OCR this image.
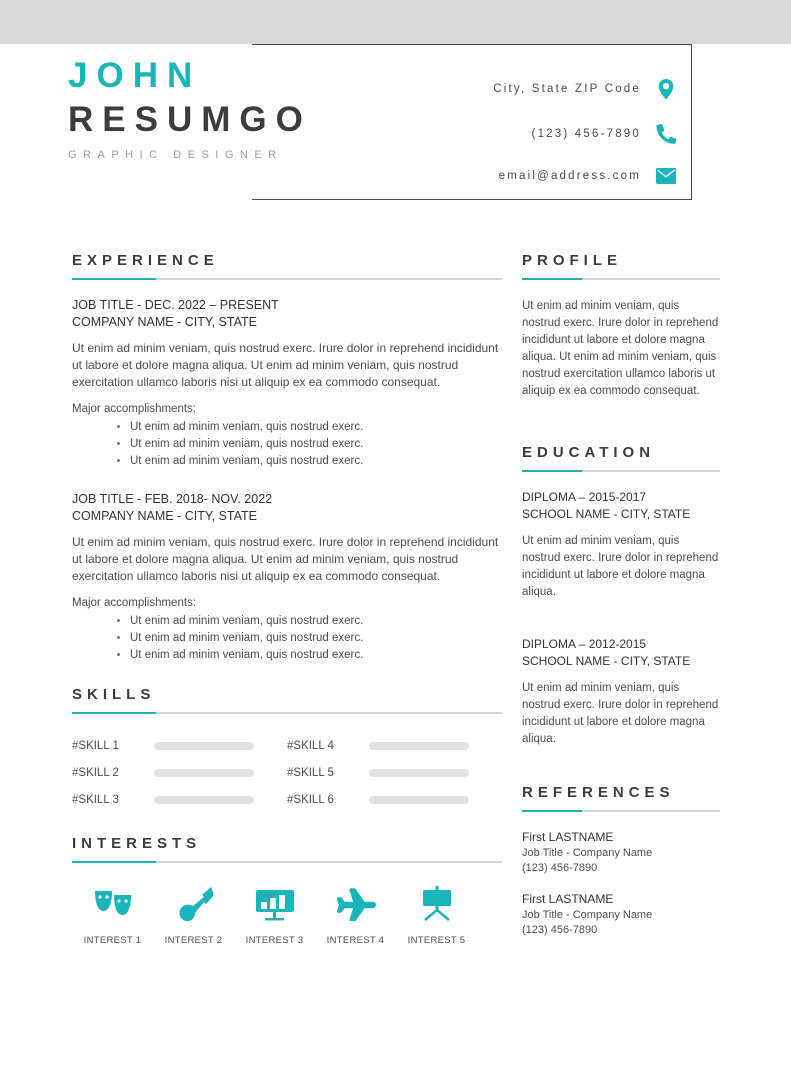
City, State ZIP Code
(123) 456-7890
email@address.com
JOHN
RESUMGO
GRAPHIC DESIGNER
EXPERIENCE
JOB TITLE - DEC. 2022 – PRESENT
COMPANY NAME - CITY, STATE

Ut enim ad minim veniam, quis nostrud exerc. Irure dolor in reprehend incididunt ut labore et dolore magna aliqua. Ut enim ad minim veniam, quis nostrud exercitation ullamco laboris nisi ut aliquip ex ea commodo consequat.

Major accomplishments:

• Ut enim ad minim veniam, quis nostrud exerc.
• Ut enim ad minim veniam, quis nostrud exerc.
• Ut enim ad minim veniam, quis nostrud exerc.
JOB TITLE - FEB. 2018- NOV. 2022
COMPANY NAME - CITY, STATE

Ut enim ad minim veniam, quis nostrud exerc. Irure dolor in reprehend incididunt ut labore et dolore magna aliqua. Ut enim ad minim veniam, quis nostrud exercitation ullamco laboris nisi ut aliquip ex ea commodo consequat.

Major accomplishments:

• Ut enim ad minim veniam, quis nostrud exerc.
• Ut enim ad minim veniam, quis nostrud exerc.
• Ut enim ad minim veniam, quis nostrud exerc.
SKILLS
#SKILL 1
#SKILL 2
#SKILL 3
#SKILL 4
#SKILL 5
#SKILL 6
INTERESTS
INTEREST 1	INTEREST 2	INTEREST 3	INTEREST 4	INTEREST 5
PROFILE

Ut enim ad minim veniam, quis nostrud exerc. Irure dolor in reprehend incididunt ut labore et dolore magna aliqua. Ut enim ad minim veniam, quis nostrud exercitation ullamco laboris ut aliquip ex ea commodo consequat.

EDUCATION
DIPLOMA – 2015-2017
SCHOOL NAME - CITY, STATE

Ut enim ad minim veniam, quis nostrud exerc. Irure dolor in reprehend incididunt ut labore et dolore magna aliqua.

DIPLOMA – 2012-2015
SCHOOL NAME - CITY, STATE

Ut enim ad minim veniam, quis nostrud exerc. Irure dolor in reprehend incididunt ut labore et dolore magna aliqua.

REFERENCES
First LASTNAME

Job Title - Company Name

(123) 456-7890

First LASTNAME

Job Title - Company Name

(123) 456-7890
